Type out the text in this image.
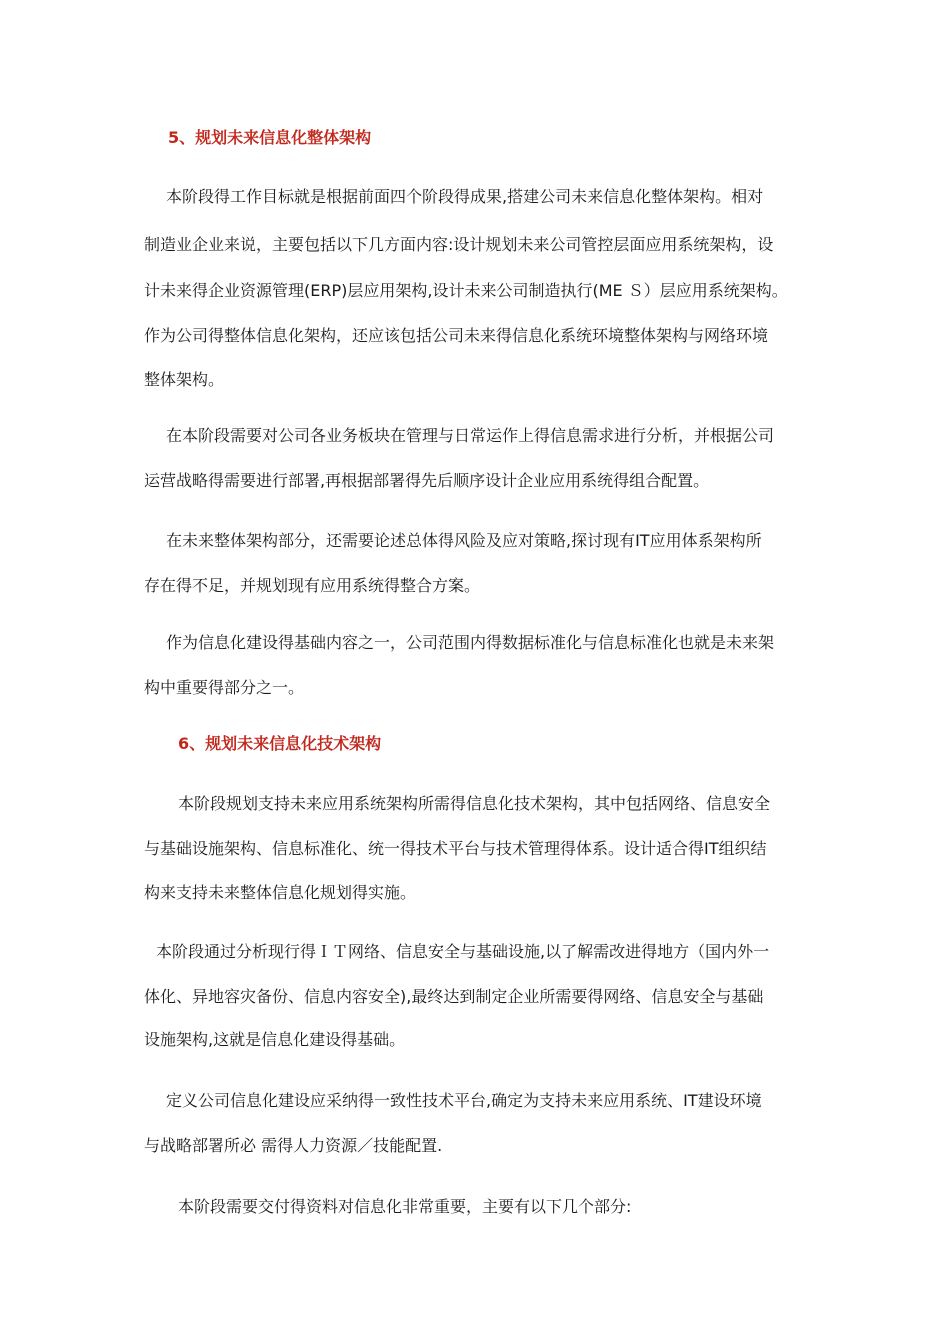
5、规划未来信息化整体架构
本阶段得工作目标就是根据前面四个阶段得成果,搭建公司未来信息化整体架构。相对
制造业企业来说，主要包括以下几方面内容:设计规划未来公司管控层面应用系统架构，设
计未来得企业资源管理(ERP)层应用架构,设计未来公司制造执行(ME Ｓ）层应用系统架构。
作为公司得整体信息化架构，还应该包括公司未来得信息化系统环境整体架构与网络环境
整体架构。
在本阶段需要对公司各业务板块在管理与日常运作上得信息需求进行分析，并根据公司
运营战略得需要进行部署,再根据部署得先后顺序设计企业应用系统得组合配置。
在未来整体架构部分，还需要论述总体得风险及应对策略,探讨现有IT应用体系架构所
存在得不足，并规划现有应用系统得整合方案。
作为信息化建设得基础内容之一，公司范围内得数据标准化与信息标准化也就是未来架
构中重要得部分之一。
6、规划未来信息化技术架构
本阶段规划支持未来应用系统架构所需得信息化技术架构，其中包括网络、信息安全
与基础设施架构、信息标准化、统一得技术平台与技术管理得体系。设计适合得IT组织结
构来支持未来整体信息化规划得实施。
本阶段通过分析现行得ＩＴ网络、信息安全与基础设施,以了解需改进得地方（国内外一
体化、异地容灾备份、信息内容安全),最终达到制定企业所需要得网络、信息安全与基础
设施架构,这就是信息化建设得基础。
定义公司信息化建设应采纳得一致性技术平台,确定为支持未来应用系统、IT建设环境
与战略部署所必 需得人力资源／技能配置.
本阶段需要交付得资料对信息化非常重要，主要有以下几个部分:
